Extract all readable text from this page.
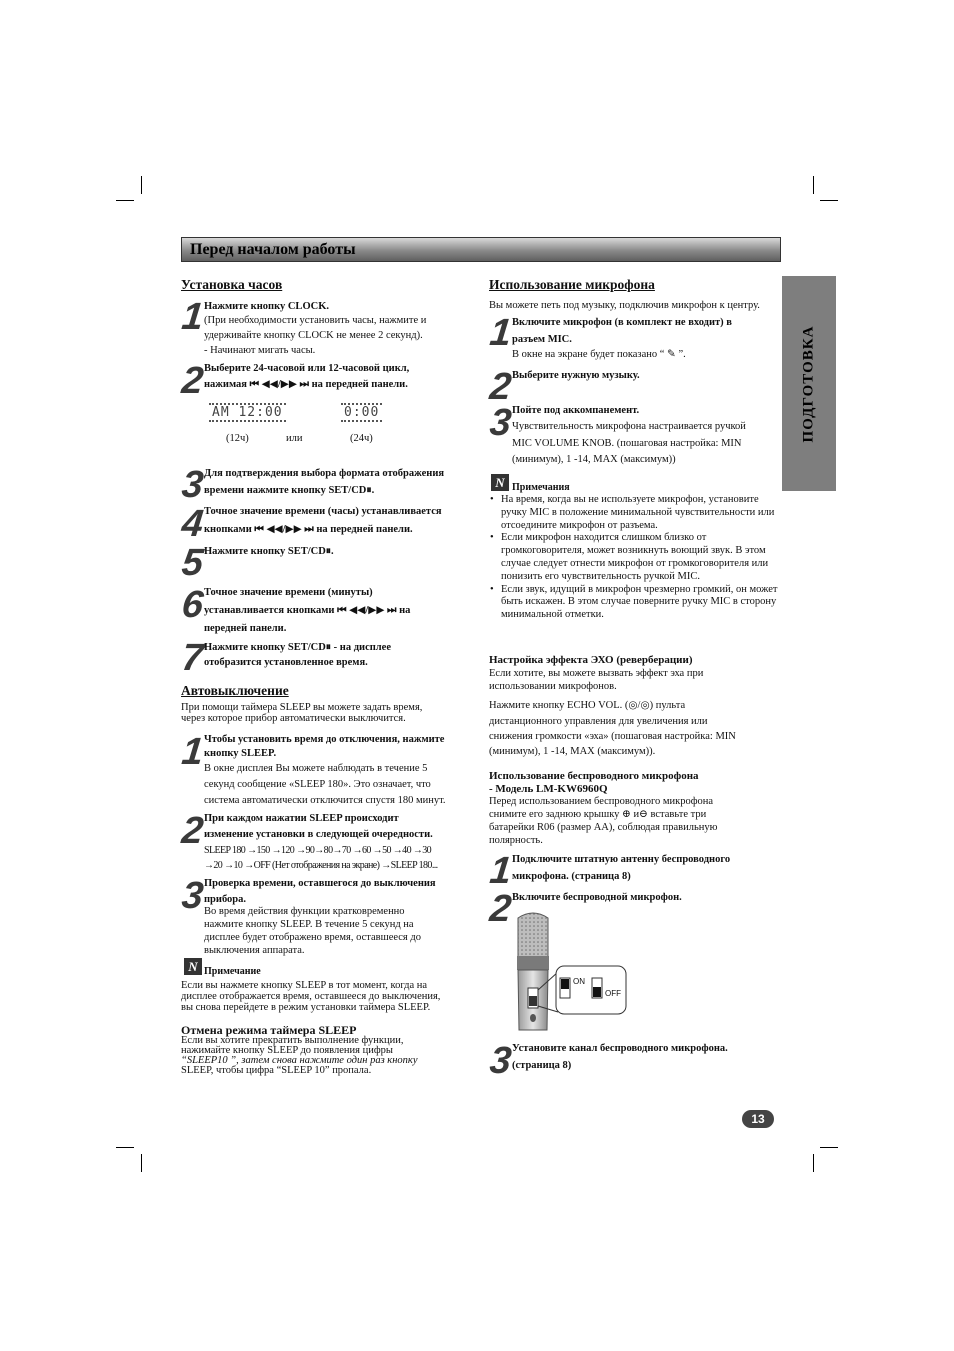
Перед началом работы
ПОДГОТОВКА
Установка часов
1
Нажмите кнопку CLOCK.
(При необходимости установить часы, нажмите и
удерживайте кнопку CLOCK не менее 2 секунд).
- Начинают мигать часы.
2
Выберите 24-часовой или 12-часовой цикл,
нажимая ⏮ ◀◀/▶▶ ⏭ на передней панели.
AM 12:00	0:00
(12ч)	или	(24ч)
3
Для подтверждения выбора формата отображения
времени нажмите кнопку SET/CD⏸.
4
Точное значение времени (часы) устанавливается
кнопками ⏮ ◀◀/▶▶ ⏭ на передней панели.
5
Нажмите кнопку SET/CD⏸.
6
Точное значение времени (минуты)
устанавливается кнопками ⏮ ◀◀/▶▶ ⏭ на
передней панели.
7
Нажмите кнопку SET/CD⏸ - на дисплее
отобразится установленное время.
Автовыключение
При помощи таймера SLEEP вы можете задать время,
через которое прибор автоматически выключится.
1
Чтобы установить время до отключения, нажмите
кнопку SLEEP.
В окне дисплея Вы можете наблюдать в течение 5
секунд сообщение «SLEEP 180». Это означает, что
система автоматически отключится спустя 180 минут.
2
При каждом нажатии SLEEP происходит
изменение установки в следующей очередности.
SLEEP 180 →150 →120 →90→80→70 →60 →50 →40 →30
→20 →10 →OFF (Нет отображения на экране) →SLEEP 180...
3
Проверка времени, оставшегося до выключения
прибора.
Во время действия функции кратковременно
нажмите кнопку SLEEP. В течение 5 секунд на
дисплее будет отображено время, оставшееся до
выключения аппарата.
N Примечание
Если вы нажмете кнопку SLEEP в тот момент, когда на
дисплее отображается время, оставшееся до выключения,
вы снова перейдете в режим установки таймера SLEEP.
Отмена режима таймера SLEEP
Если вы хотите прекратить выполнение функции,
нажимайте кнопку SLEEP до появления цифры
“SLEEP10 ”, затем снова нажмите один раз кнопку
SLEEP, чтобы цифра “SLEEP 10” пропала.
Использование микрофона
Вы можете петь под музыку, подключив микрофон к центру.
1
Включите микрофон (в комплект не входит) в
разъем MIC.
В окне на экране будет показано “ ✎ ”.
2
Выберите нужную музыку.
3
Пойте под аккомпанемент.
Чувствительность микрофона настраивается ручкой
MIC VOLUME KNOB. (пошаговая настройка: MIN
(минимум), 1 -14, MAX (максимум))
N Примечания
• На время, когда вы не используете микрофон, установите ручку MIC в положение минимальной чувствительности или отсоедините микрофон от разъема.
• Если микрофон находится слишком близко от громкоговорителя, может возникнуть воющий звук. В этом случае следует отнести микрофон от громкоговорителя или понизить его чувствительность ручкой MIC.
• Если звук, идущий в микрофон чрезмерно громкий, он может быть искажен. В этом случае поверните ручку MIC в сторону минимальной отметки.
Настройка эффекта ЭХО (реверберации)
Если хотите, вы можете вызвать эффект эха при
использовании микрофонов.
Нажмите кнопку ECHO VOL. (◎/◎) пульта
дистанционного управления для увеличения или
снижения громкости «эха» (пошаговая настройка: MIN
(минимум), 1 -14, MAX (максимум)).
Использование беспроводного микрофона
- Модель LM-KW6960Q
Перед использованием беспроводного микрофона
снимите его заднюю крышку ⊕ и⊖ вставьте три
батарейки R06 (размер AA), соблюдая правильную
полярность.
1
Подключите штатную антенну беспроводного
микрофона. (страница 8)
2
Включите беспроводной микрофон.
ON
OFF
3
Установите канал беспроводного микрофона.
(страница 8)
13
